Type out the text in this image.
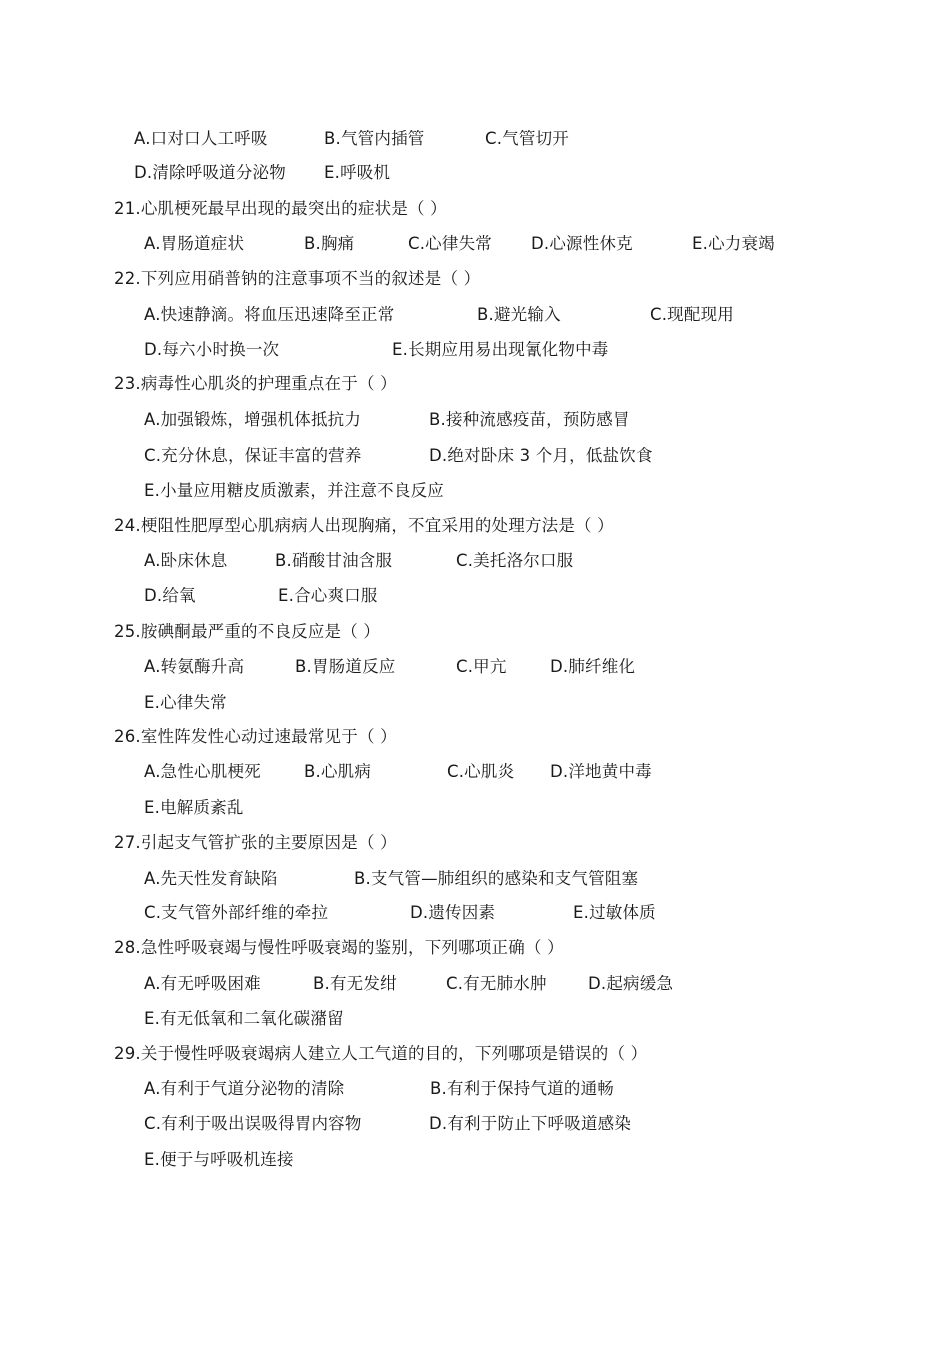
A.口对口人工呼吸	B.气管内插管	C.气管切开
D.清除呼吸道分泌物 E.呼吸机
21.心肌梗死最早出现的最突出的症状是（ ）
A.胃肠道症状	B.胸痛	C.心律失常 D.心源性休克	E.心力衰竭
22.下列应用硝普钠的注意事项不当的叙述是（ ）
A.快速静滴。将血压迅速降至正常	B.避光输入	C.现配现用
D.每六小时换一次	E.长期应用易出现氰化物中毒
23.病毒性心肌炎的护理重点在于（ ）
A.加强锻炼，增强机体抵抗力	B.接种流感疫苗，预防感冒
C.充分休息，保证丰富的营养	D.绝对卧床 3 个月，低盐饮食
E.小量应用糖皮质激素，并注意不良反应
24.梗阻性肥厚型心肌病病人出现胸痛，不宜采用的处理方法是（ ）
A.卧床休息	B.硝酸甘油含服	C.美托洛尔口服
D.给氧	E.合心爽口服
25.胺碘酮最严重的不良反应是（ ）
A.转氨酶升高	B.胃肠道反应	C.甲亢	D.肺纤维化
E.心律失常
26.室性阵发性心动过速最常见于（ ）
A.急性心肌梗死	B.心肌病	C.心肌炎 D.洋地黄中毒
E.电解质紊乱
27.引起支气管扩张的主要原因是（ ）
A.先天性发育缺陷	B.支气管—肺组织的感染和支气管阻塞
C.支气管外部纤维的牵拉	D.遗传因素	E.过敏体质
28.急性呼吸衰竭与慢性呼吸衰竭的鉴别，下列哪项正确（ ）
A.有无呼吸困难	B.有无发绀	C.有无肺水肿	D.起病缓急
E.有无低氧和二氧化碳潴留
29.关于慢性呼吸衰竭病人建立人工气道的目的，下列哪项是错误的（ ）
A.有利于气道分泌物的清除	B.有利于保持气道的通畅
C.有利于吸出误吸得胃内容物	D.有利于防止下呼吸道感染
E.便于与呼吸机连接
